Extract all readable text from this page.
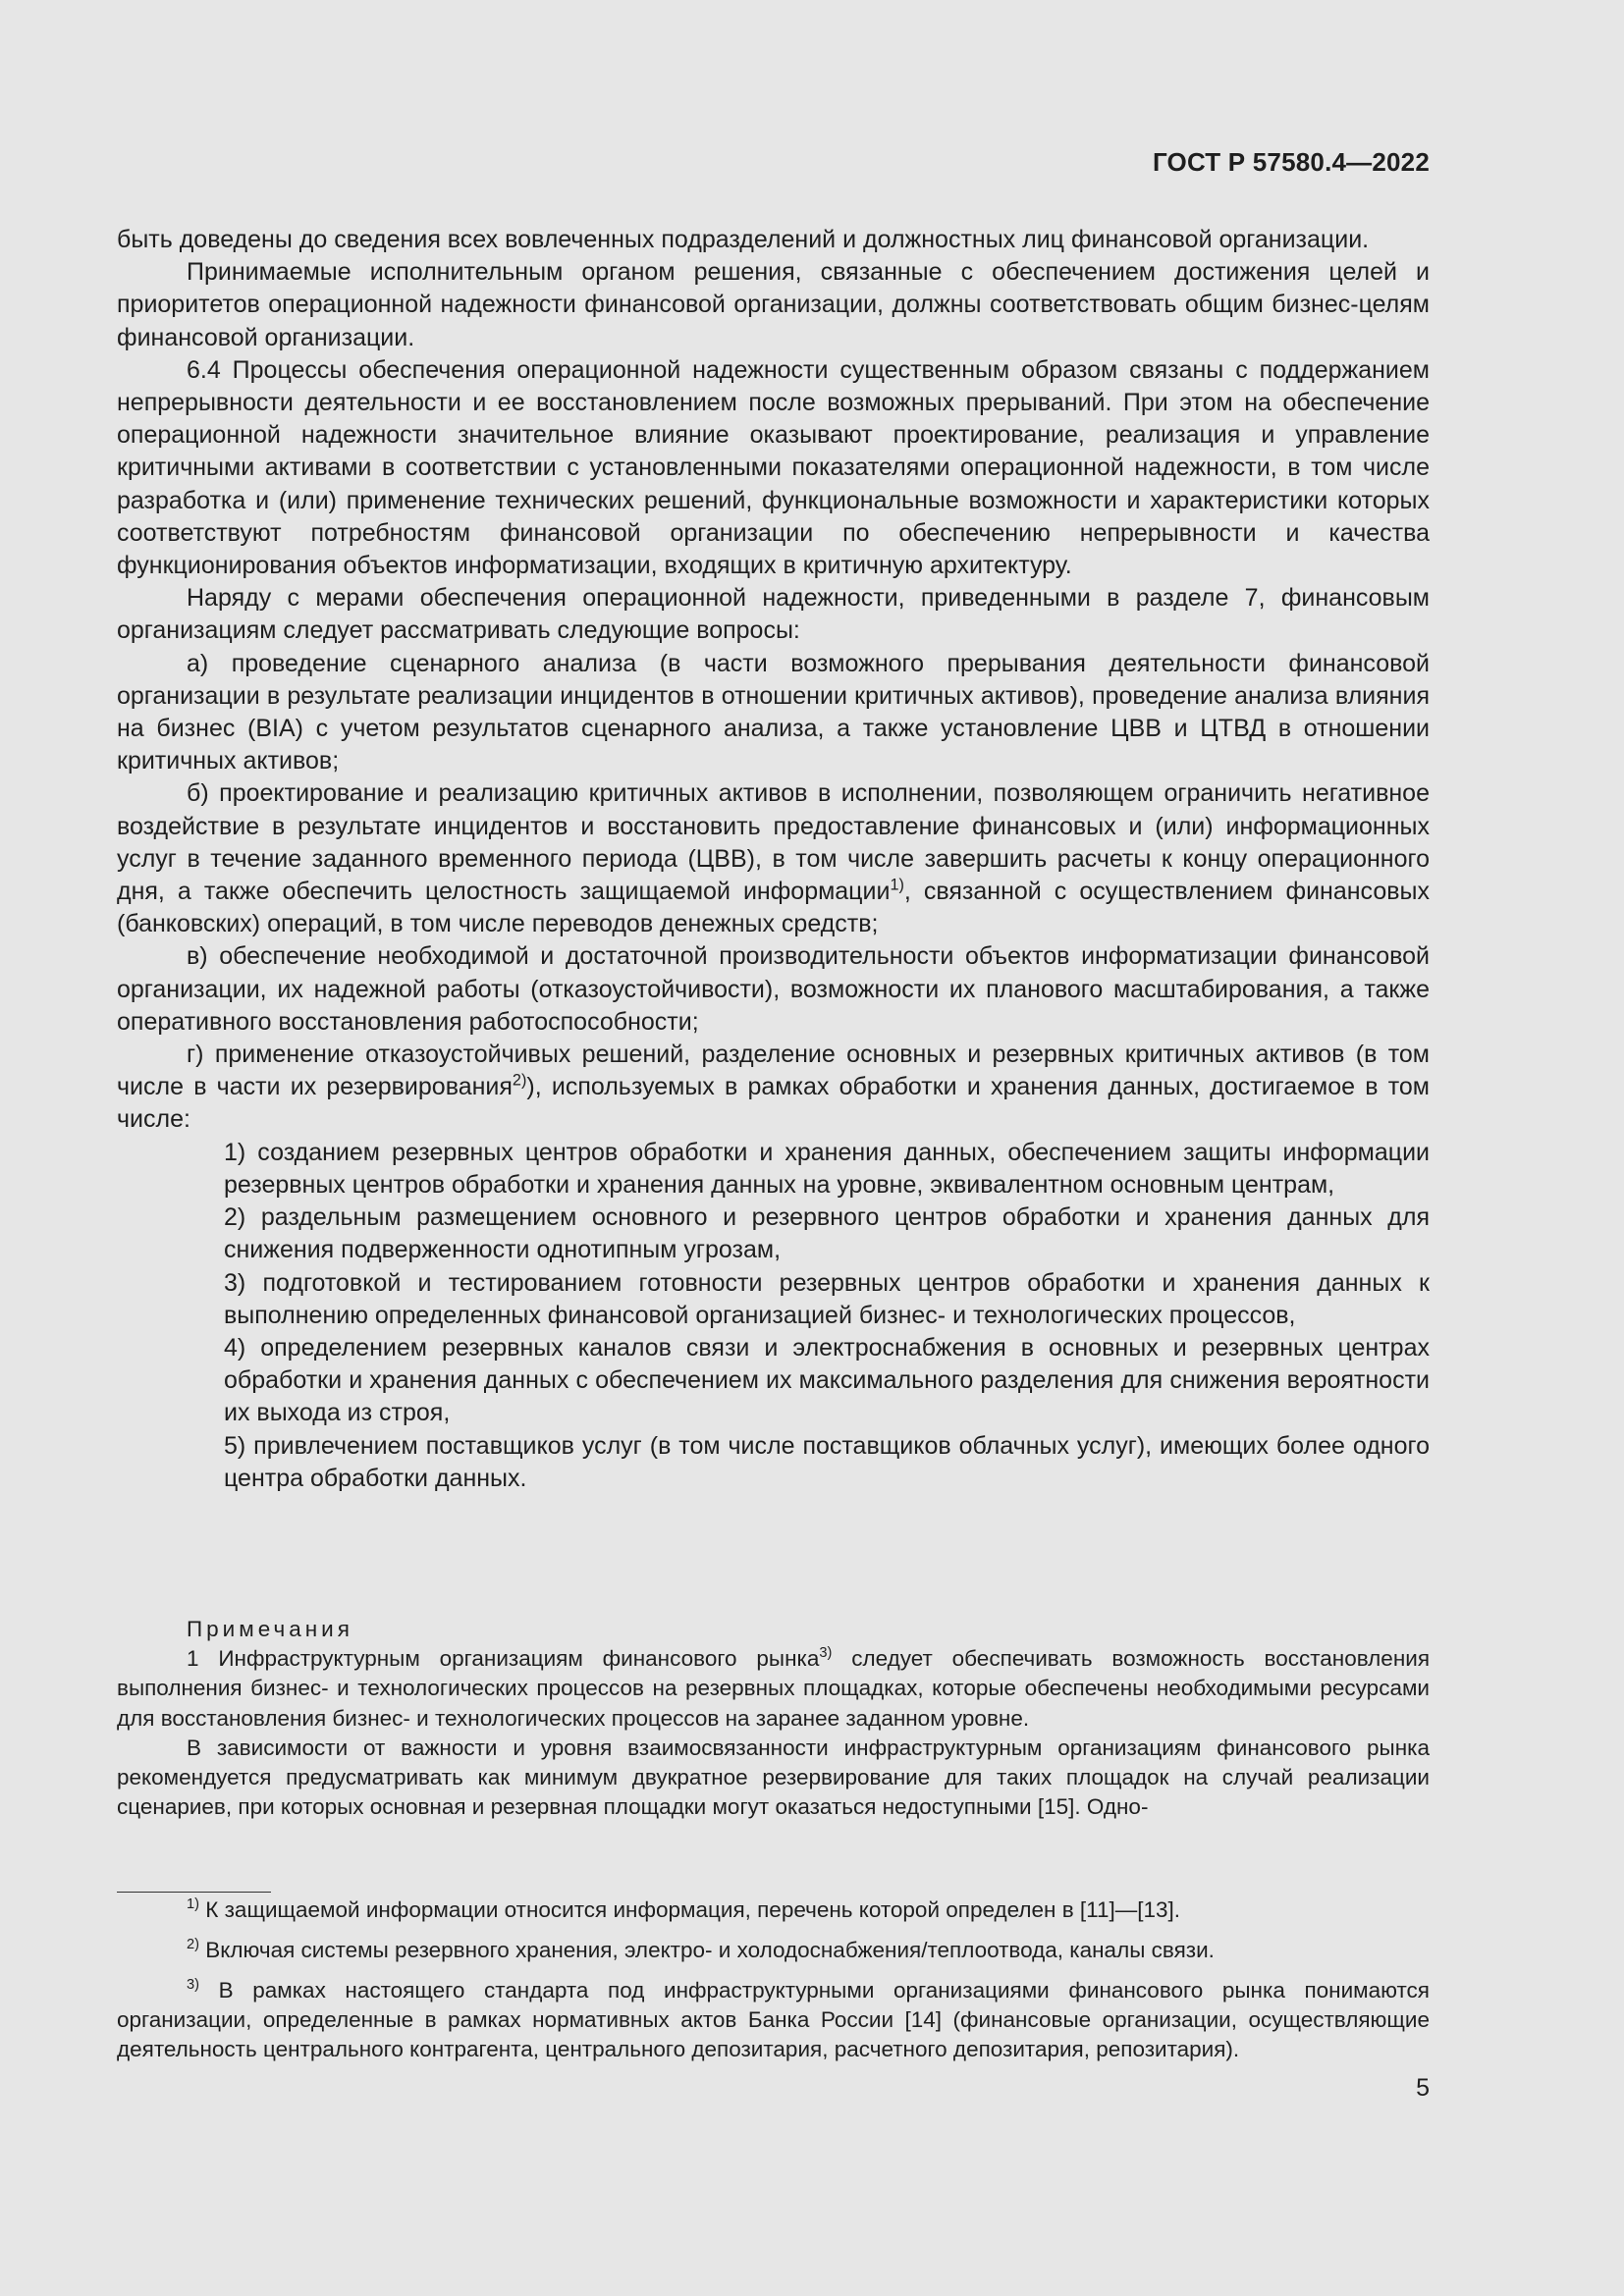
ГОСТ Р 57580.4—2022

быть доведены до сведения всех вовлеченных подразделений и должностных лиц финансовой организации.

Принимаемые исполнительным органом решения, связанные с обеспечением достижения целей и приоритетов операционной надежности финансовой организации, должны соответствовать общим бизнес-целям финансовой организации.

6.4 Процессы обеспечения операционной надежности существенным образом связаны с поддержанием непрерывности деятельности и ее восстановлением после возможных прерываний. При этом на обеспечение операционной надежности значительное влияние оказывают проектирование, реализация и управление критичными активами в соответствии с установленными показателями операционной надежности, в том числе разработка и (или) применение технических решений, функциональные возможности и характеристики которых соответствуют потребностям финансовой организации по обеспечению непрерывности и качества функционирования объектов информатизации, входящих в критичную архитектуру.

Наряду с мерами обеспечения операционной надежности, приведенными в разделе 7, финансовым организациям следует рассматривать следующие вопросы:

а) проведение сценарного анализа (в части возможного прерывания деятельности финансовой организации в результате реализации инцидентов в отношении критичных активов), проведение анализа влияния на бизнес (BIA) с учетом результатов сценарного анализа, а также установление ЦВВ и ЦТВД в отношении критичных активов;

б) проектирование и реализацию критичных активов в исполнении, позволяющем ограничить негативное воздействие в результате инцидентов и восстановить предоставление финансовых и (или) информационных услуг в течение заданного временного периода (ЦВВ), в том числе завершить расчеты к концу операционного дня, а также обеспечить целостность защищаемой информации$^{1)}$, связанной с осуществлением финансовых (банковских) операций, в том числе переводов денежных средств;

в) обеспечение необходимой и достаточной производительности объектов информатизации финансовой организации, их надежной работы (отказоустойчивости), возможности их планового масштабирования, а также оперативного восстановления работоспособности;

г) применение отказоустойчивых решений, разделение основных и резервных критичных активов (в том числе в части их резервирования$^{2)}$), используемых в рамках обработки и хранения данных, достигаемое в том числе:

1) созданием резервных центров обработки и хранения данных, обеспечением защиты информации резервных центров обработки и хранения данных на уровне, эквивалентном основным центрам,

2) раздельным размещением основного и резервного центров обработки и хранения данных для снижения подверженности однотипным угрозам,

3) подготовкой и тестированием готовности резервных центров обработки и хранения данных к выполнению определенных финансовой организацией бизнес- и технологических процессов,

4) определением резервных каналов связи и электроснабжения в основных и резервных центрах обработки и хранения данных с обеспечением их максимального разделения для снижения вероятности их выхода из строя,

5) привлечением поставщиков услуг (в том числе поставщиков облачных услуг), имеющих более одного центра обработки данных.

Примечания

1 Инфраструктурным организациям финансового рынка$^{3)}$ следует обеспечивать возможность восстановления выполнения бизнес- и технологических процессов на резервных площадках, которые обеспечены необходимыми ресурсами для восстановления бизнес- и технологических процессов на заранее заданном уровне.

В зависимости от важности и уровня взаимосвязанности инфраструктурным организациям финансового рынка рекомендуется предусматривать как минимум двукратное резервирование для таких площадок на случай реализации сценариев, при которых основная и резервная площадки могут оказаться недоступными [15]. Одно-

$^{1)}$ К защищаемой информации относится информация, перечень которой определен в [11]—[13].

$^{2)}$ Включая системы резервного хранения, электро- и холодоснабжения/теплоотвода, каналы связи.

$^{3)}$ В рамках настоящего стандарта под инфраструктурными организациями финансового рынка понимаются организации, определенные в рамках нормативных актов Банка России [14] (финансовые организации, осуществляющие деятельность центрального контрагента, центрального депозитария, расчетного депозитария, репозитария).

5
